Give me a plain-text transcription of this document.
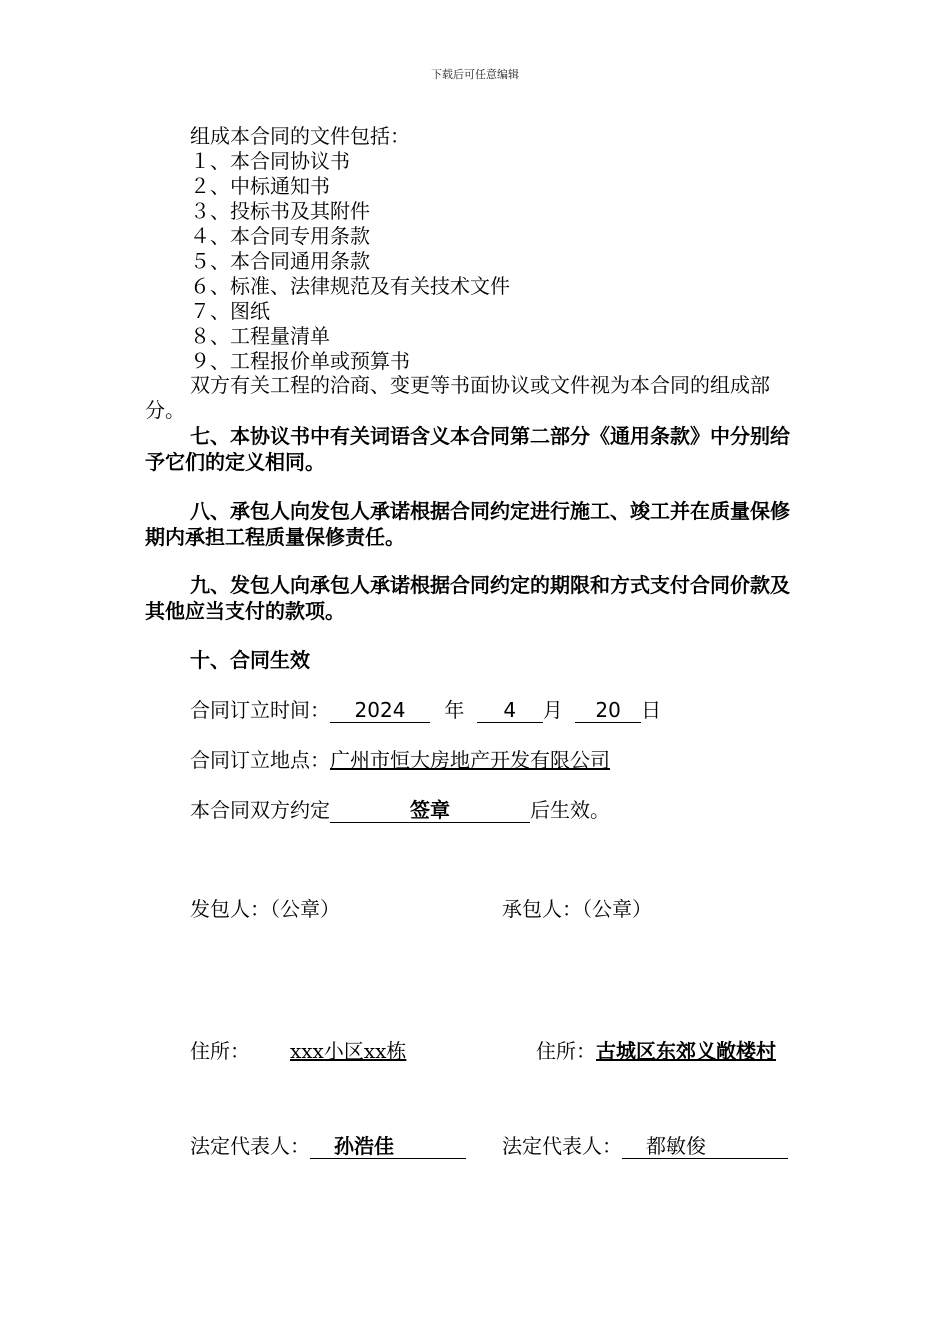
下载后可任意编辑
组成本合同的文件包括：
１、本合同协议书
２、中标通知书
３、投标书及其附件
４、本合同专用条款
５、本合同通用条款
６、标准、法律规范及有关技术文件
７、图纸
８、工程量清单
９、工程报价单或预算书
双方有关工程的洽商、变更等书面协议或文件视为本合同的组成部分。
七、本协议书中有关词语含义本合同第二部分《通用条款》中分别给予它们的定义相同。
八、承包人向发包人承诺根据合同约定进行施工、竣工并在质量保修期内承担工程质量保修责任。
九、发包人向承包人承诺根据合同约定的期限和方式支付合同价款及其他应当支付的款项。
十、合同生效
合同订立时间： 2024 年 4 月 20 日
合同订立地点：广州市恒大房地产开发有限公司
本合同双方约定	签章	后生效。
发包人：（公章）	承包人：（公章）
住所： xxx小区xx栋	住所：古城区东郊义敞楼村
法定代表人： 孙浩佳	法定代表人： 都敏俊
